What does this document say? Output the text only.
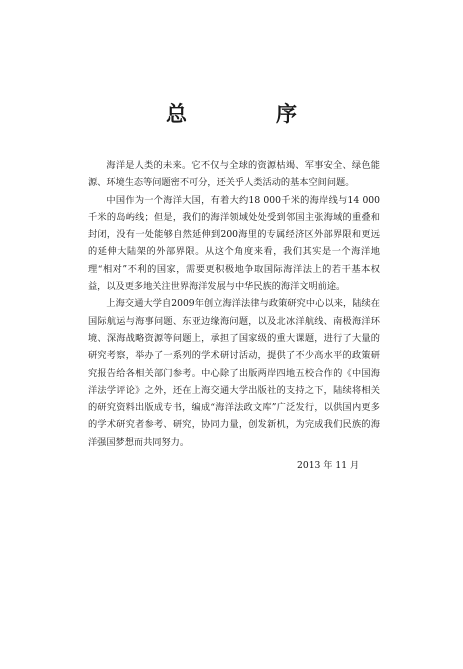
总　序

海洋是人类的未来。它不仅与全球的资源枯竭、军事安全、绿色能源、环境生态等问题密不可分，还关乎人类活动的基本空间问题。

中国作为一个海洋大国，有着大约18 000千米的海岸线与14 000千米的岛屿线；但是，我们的海洋领域处处受到邻国主张海域的重叠和封闭，没有一处能够自然延伸到200海里的专属经济区外部界限和更远的延伸大陆架的外部界限。从这个角度来看，我们其实是一个海洋地理“相对”不利的国家，需要更积极地争取国际海洋法上的若干基本权益，以及更多地关注世界海洋发展与中华民族的海洋文明前途。

上海交通大学自2009年创立海洋法律与政策研究中心以来，陆续在国际航运与海事问题、东亚边缘海问题，以及北冰洋航线、南极海洋环境、深海战略资源等问题上，承担了国家级的重大课题，进行了大量的研究考察，举办了一系列的学术研讨活动，提供了不少高水平的政策研究报告给各相关部门参考。中心除了出版两岸四地五校合作的《中国海洋法学评论》之外，还在上海交通大学出版社的支持之下，陆续将相关的研究资料出版成专书，编成“海洋法政文库”广泛发行，以供国内更多的学术研究者参考、研究，协同力量，创发新机，为完成我们民族的海洋强国梦想而共同努力。

2013 年 11 月
